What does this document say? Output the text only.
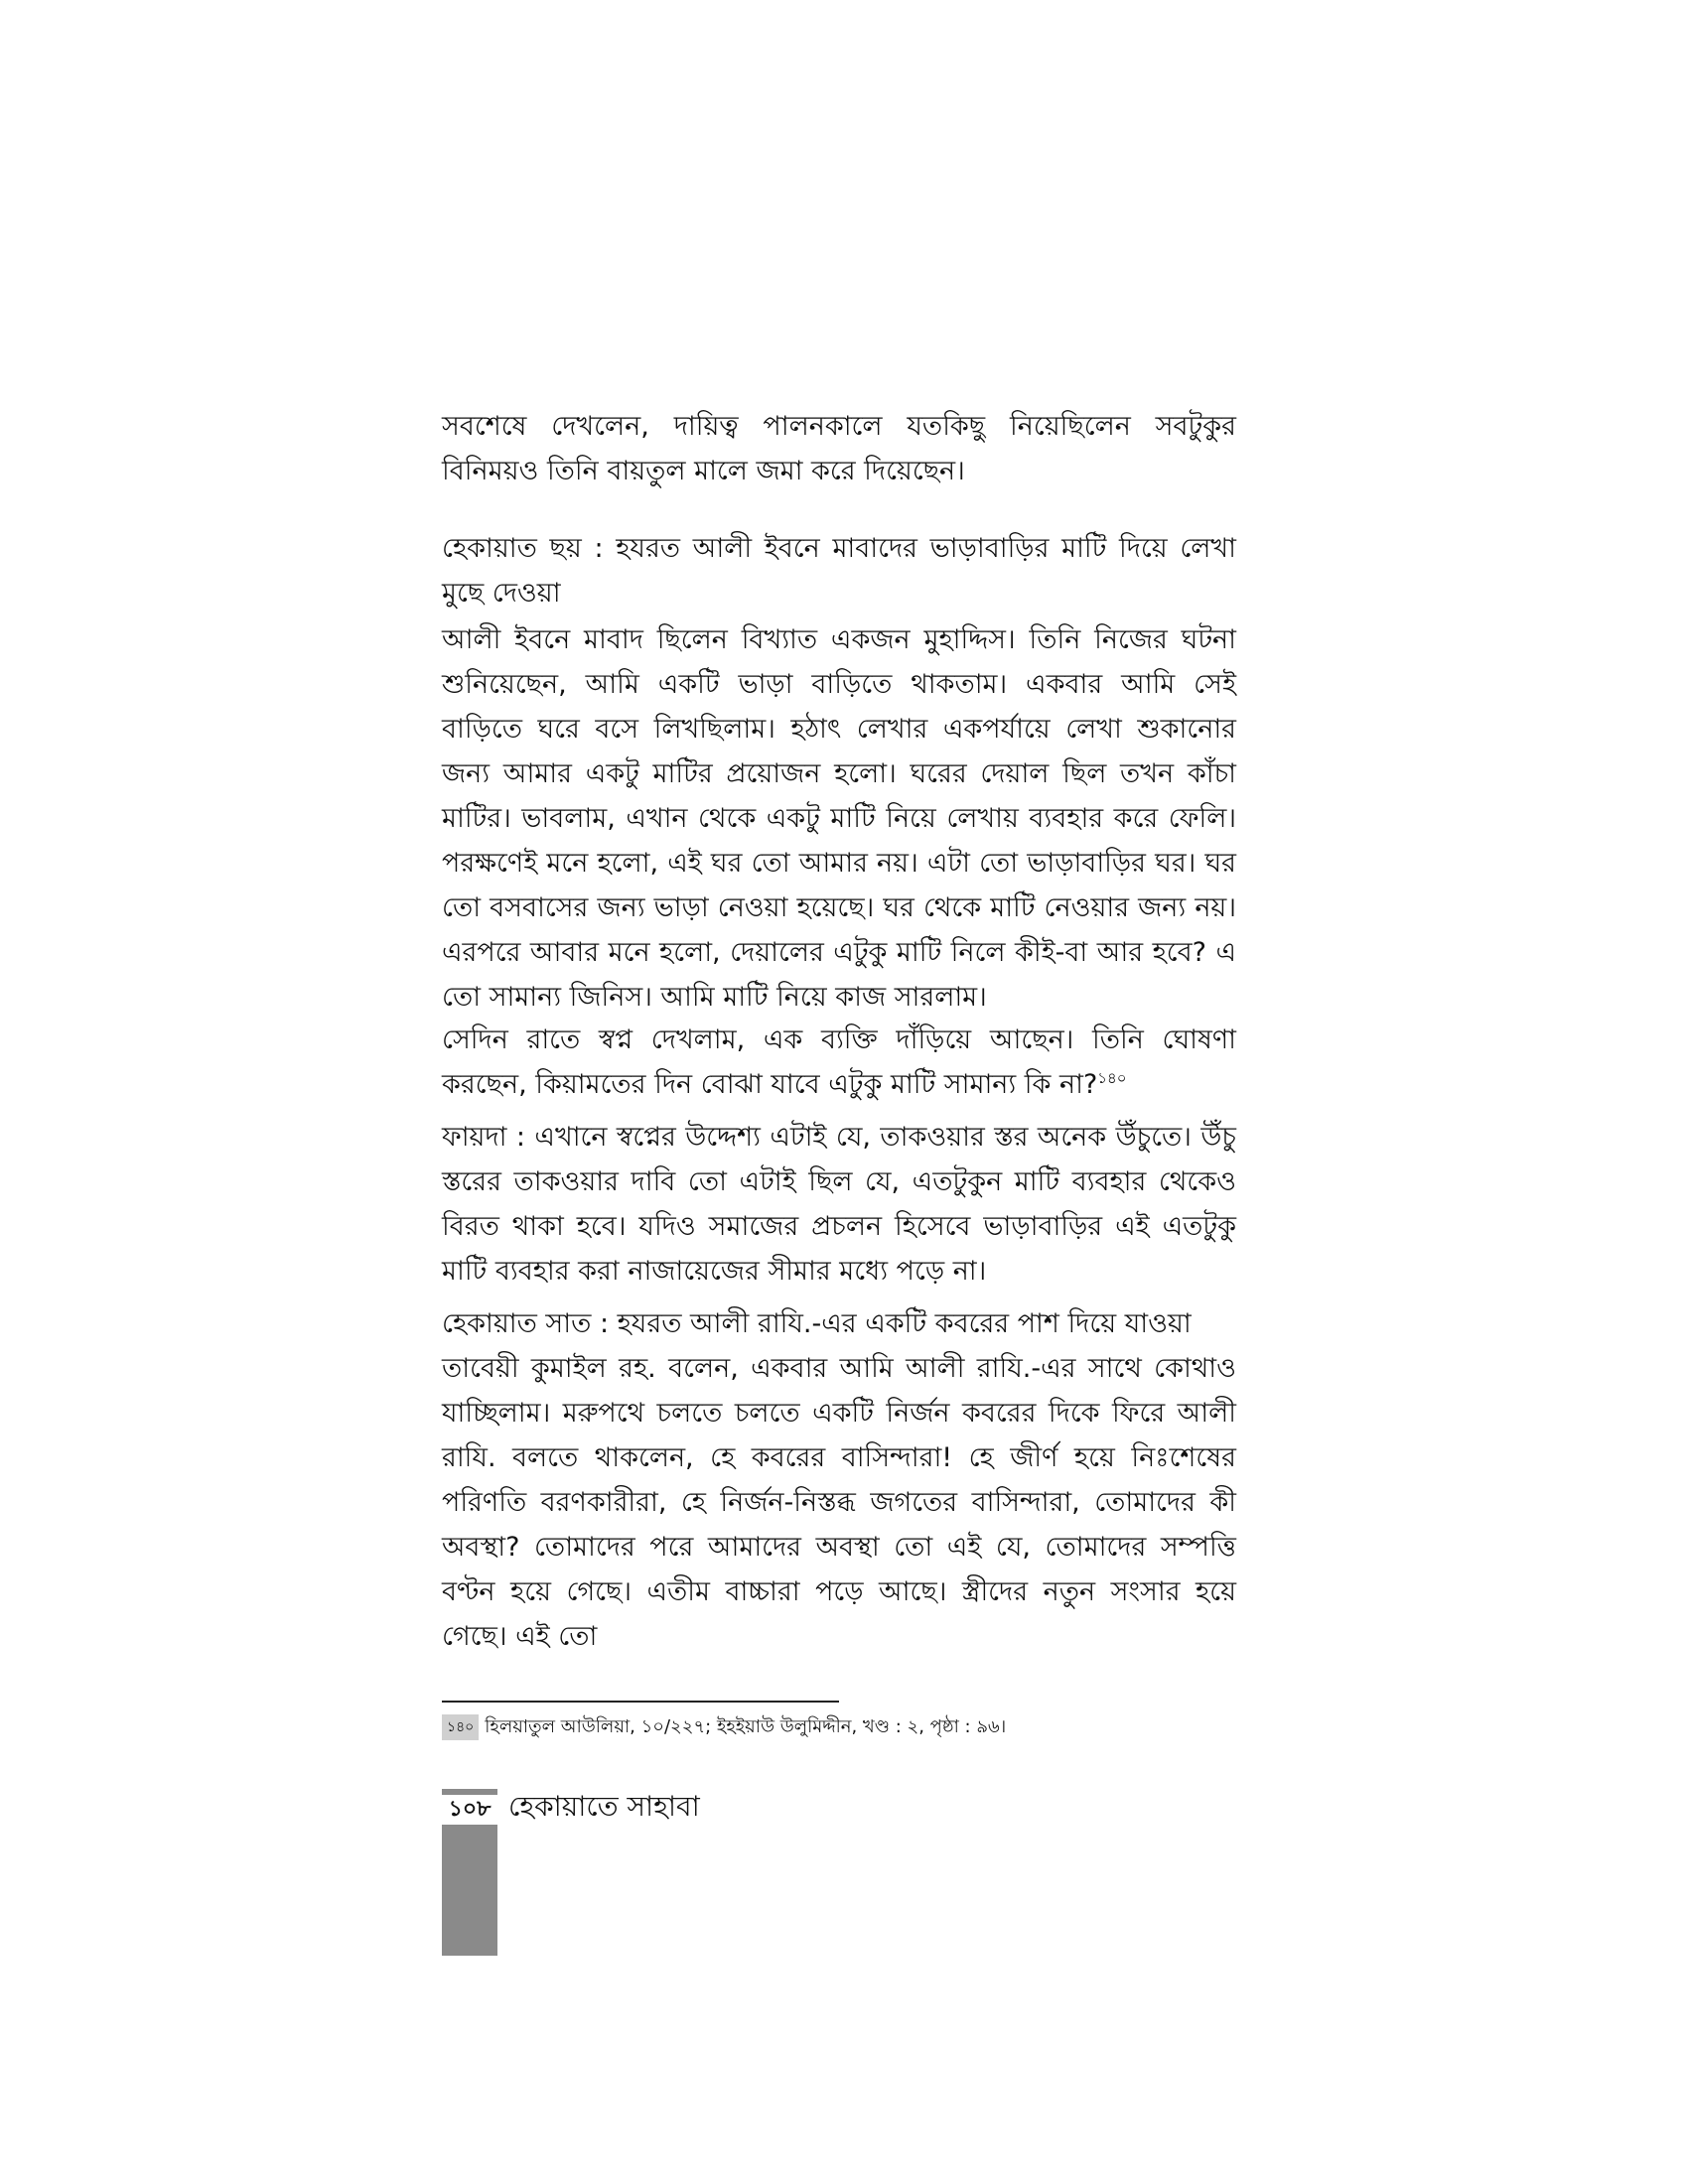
সবশেষে দেখলেন, দায়িত্ব পালনকালে যতকিছু নিয়েছিলেন সবটুকুর বিনিময়ও তিনি বায়তুল মালে জমা করে দিয়েছেন।

হেকায়াত ছয় : হযরত আলী ইবনে মাবাদের ভাড়াবাড়ির মাটি দিয়ে লেখা মুছে দেওয়া

আলী ইবনে মাবাদ ছিলেন বিখ্যাত একজন মুহাদ্দিস। তিনি নিজের ঘটনা শুনিয়েছেন, আমি একটি ভাড়া বাড়িতে থাকতাম। একবার আমি সেই বাড়িতে ঘরে বসে লিখছিলাম। হঠাৎ লেখার একপর্যায়ে লেখা শুকানোর জন্য আমার একটু মাটির প্রয়োজন হলো। ঘরের দেয়াল ছিল তখন কাঁচা মাটির। ভাবলাম, এখান থেকে একটু মাটি নিয়ে লেখায় ব্যবহার করে ফেলি। পরক্ষণেই মনে হলো, এই ঘর তো আমার নয়। এটা তো ভাড়াবাড়ির ঘর। ঘর তো বসবাসের জন্য ভাড়া নেওয়া হয়েছে। ঘর থেকে মাটি নেওয়ার জন্য নয়। এরপরে আবার মনে হলো, দেয়ালের এটুকু মাটি নিলে কীই-বা আর হবে? এ তো সামান্য জিনিস। আমি মাটি নিয়ে কাজ সারলাম।

সেদিন রাতে স্বপ্ন দেখলাম, এক ব্যক্তি দাঁড়িয়ে আছেন। তিনি ঘোষণা করছেন, কিয়ামতের দিন বোঝা যাবে এটুকু মাটি সামান্য কি না?$^{১৪০}$

ফায়দা : এখানে স্বপ্নের উদ্দেশ্য এটাই যে, তাকওয়ার স্তর অনেক উঁচুতে। উঁচু স্তরের তাকওয়ার দাবি তো এটাই ছিল যে, এতটুকুন মাটি ব্যবহার থেকেও বিরত থাকা হবে। যদিও সমাজের প্রচলন হিসেবে ভাড়াবাড়ির এই এতটুকু মাটি ব্যবহার করা নাজায়েজের সীমার মধ্যে পড়ে না।

হেকায়াত সাত : হযরত আলী রাযি.-এর একটি কবরের পাশ দিয়ে যাওয়া

তাবেয়ী কুমাইল রহ. বলেন, একবার আমি আলী রাযি.-এর সাথে কোথাও যাচ্ছিলাম। মরুপথে চলতে চলতে একটি নির্জন কবরের দিকে ফিরে আলী রাযি. বলতে থাকলেন, হে কবরের বাসিন্দারা! হে জীর্ণ হয়ে নিঃশেষের পরিণতি বরণকারীরা, হে নির্জন-নিস্তব্ধ জগতের বাসিন্দারা, তোমাদের কী অবস্থা? তোমাদের পরে আমাদের অবস্থা তো এই যে, তোমাদের সম্পত্তি বণ্টন হয়ে গেছে। এতীম বাচ্চারা পড়ে আছে। স্ত্রীদের নতুন সংসার হয়ে গেছে। এই তো

১৪০ হিলয়াতুল আউলিয়া, ১০/২২৭; ইহইয়াউ উলুমিদ্দীন, খণ্ড : ২, পৃষ্ঠা : ৯৬।

১০৮ হেকায়াতে সাহাবা
